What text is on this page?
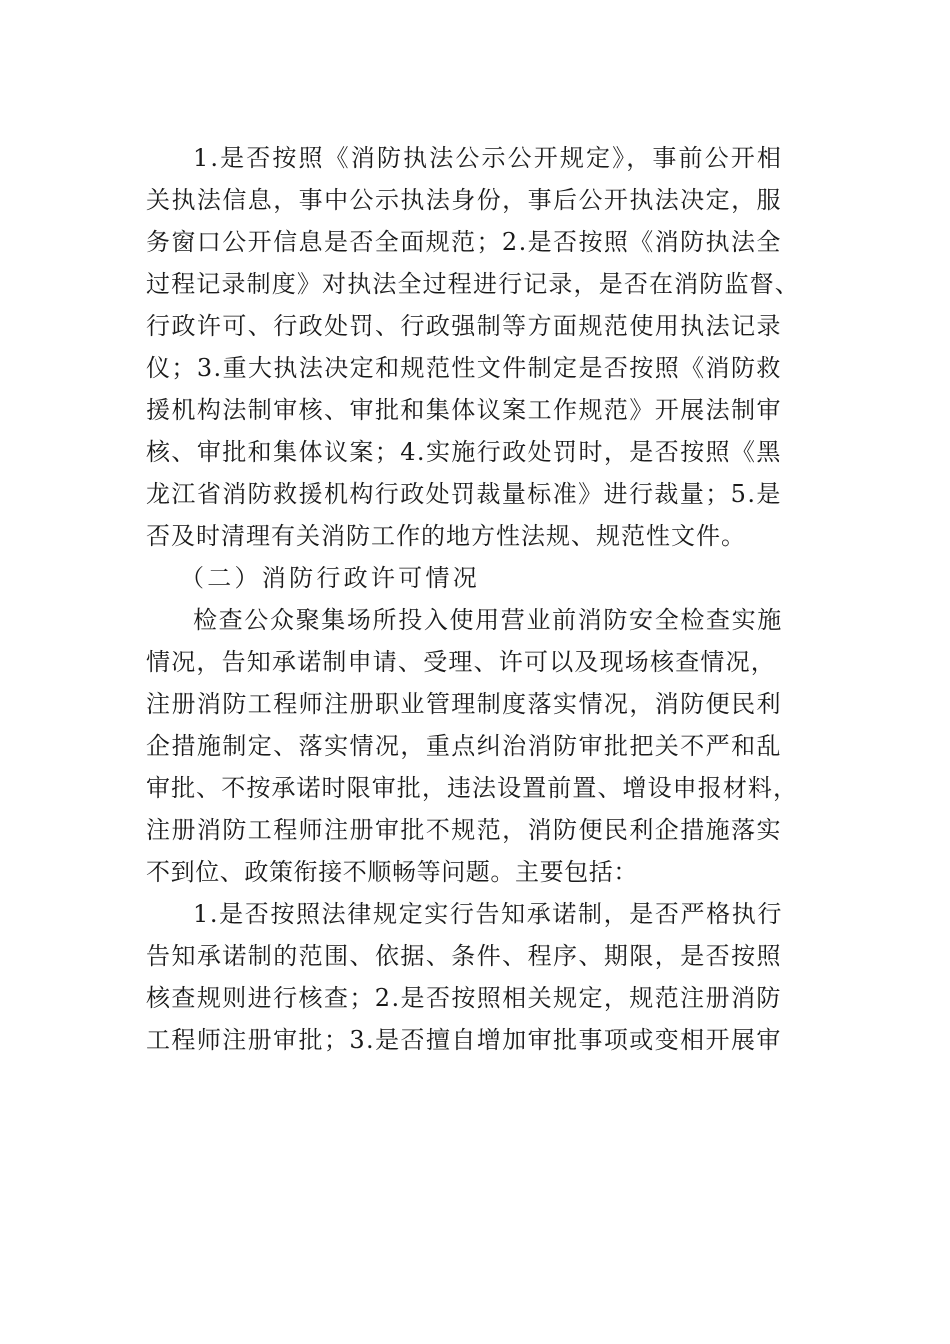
1.是否按照《消防执法公示公开规定》，事前公开相
关执法信息，事中公示执法身份，事后公开执法决定，服
务窗口公开信息是否全面规范；2.是否按照《消防执法全
过程记录制度》对执法全过程进行记录，是否在消防监督、
行政许可、行政处罚、行政强制等方面规范使用执法记录
仪；3.重大执法决定和规范性文件制定是否按照《消防救
援机构法制审核、审批和集体议案工作规范》开展法制审
核、审批和集体议案；4.实施行政处罚时，是否按照《黑
龙江省消防救援机构行政处罚裁量标准》进行裁量；5.是
否及时清理有关消防工作的地方性法规、规范性文件。
（二）消防行政许可情况
检查公众聚集场所投入使用营业前消防安全检查实施
情况，告知承诺制申请、受理、许可以及现场核查情况，
注册消防工程师注册职业管理制度落实情况，消防便民利
企措施制定、落实情况，重点纠治消防审批把关不严和乱
审批、不按承诺时限审批，违法设置前置、增设申报材料，
注册消防工程师注册审批不规范，消防便民利企措施落实
不到位、政策衔接不顺畅等问题。主要包括：
1.是否按照法律规定实行告知承诺制，是否严格执行
告知承诺制的范围、依据、条件、程序、期限，是否按照
核查规则进行核查；2.是否按照相关规定，规范注册消防
工程师注册审批；3.是否擅自增加审批事项或变相开展审
